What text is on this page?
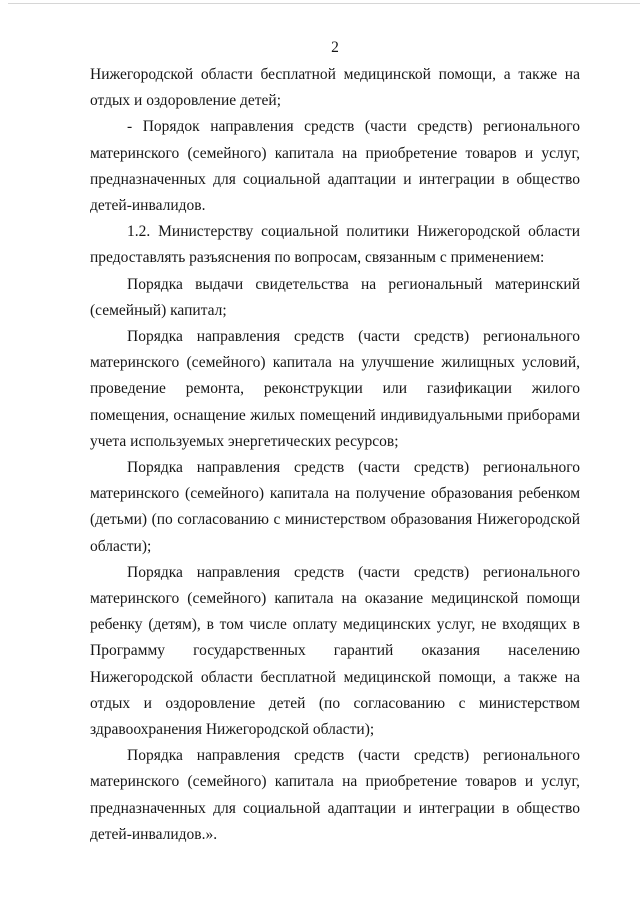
2

Нижегородской области бесплатной медицинской помощи, а также на отдых и оздоровление детей;

- Порядок направления средств (части средств) регионального материнского (семейного) капитала на приобретение товаров и услуг, предназначенных для социальной адаптации и интеграции в общество детей-инвалидов.

1.2. Министерству социальной политики Нижегородской области предоставлять разъяснения по вопросам, связанным с применением:

Порядка выдачи свидетельства на региональный материнский (семейный) капитал;

Порядка направления средств (части средств) регионального материнского (семейного) капитала на улучшение жилищных условий, проведение ремонта, реконструкции или газификации жилого помещения, оснащение жилых помещений индивидуальными приборами учета используемых энергетических ресурсов;

Порядка направления средств (части средств) регионального материнского (семейного) капитала на получение образования ребенком (детьми) (по согласованию с министерством образования Нижегородской области);

Порядка направления средств (части средств) регионального материнского (семейного) капитала на оказание медицинской помощи ребенку (детям), в том числе оплату медицинских услуг, не входящих в Программу государственных гарантий оказания населению Нижегородской области бесплатной медицинской помощи, а также на отдых и оздоровление детей (по согласованию с министерством здравоохранения Нижегородской области);

Порядка направления средств (части средств) регионального материнского (семейного) капитала на приобретение товаров и услуг, предназначенных для социальной адаптации и интеграции в общество детей-инвалидов.».
